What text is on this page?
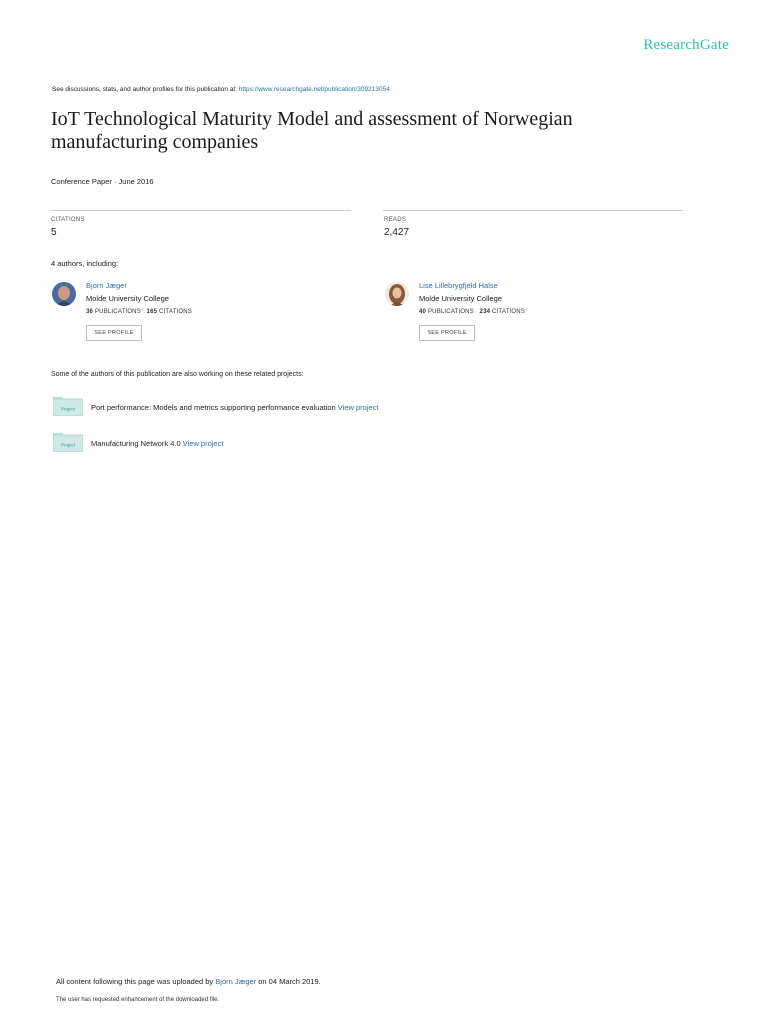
ResearchGate
See discussions, stats, and author profiles for this publication at: https://www.researchgate.net/publication/309213054
IoT Technological Maturity Model and assessment of Norwegian manufacturing companies
Conference Paper · June 2016
CITATIONS
5
READS
2,427
4 authors, including:
Bjorn Jæger
Molde University College
36 PUBLICATIONS 165 CITATIONS
SEE PROFILE
Lise Lillebrygfjeld Halse
Molde University College
40 PUBLICATIONS 234 CITATIONS
SEE PROFILE
Some of the authors of this publication are also working on these related projects:
Project Port performance: Models and metrics supporting performance evaluation View project
Project Manufacturing Network 4.0 View project
All content following this page was uploaded by Bjorn Jæger on 04 March 2019.
The user has requested enhancement of the downloaded file.
